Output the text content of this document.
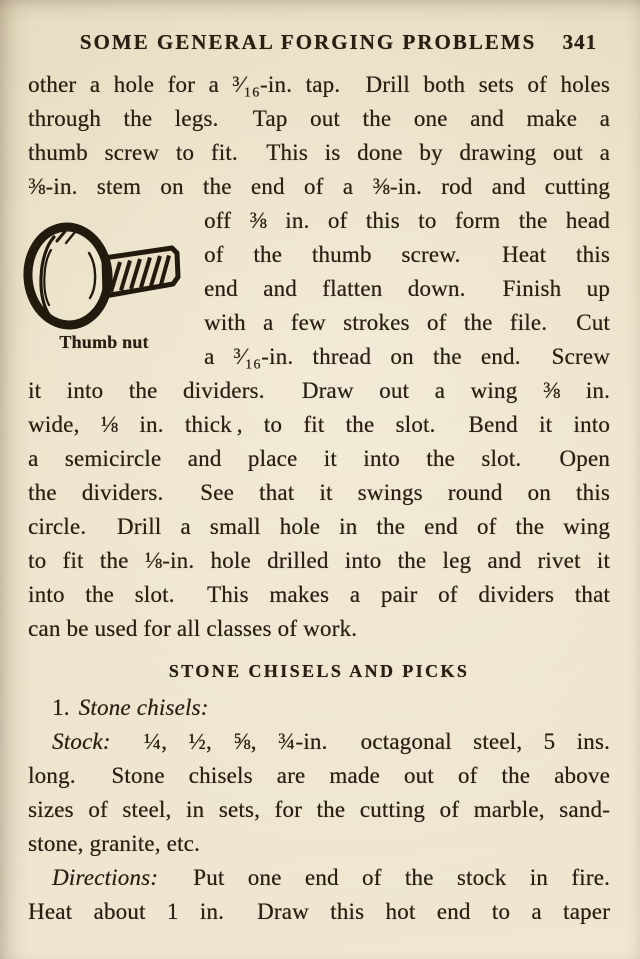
SOME GENERAL FORGING PROBLEMS	341
other a hole for a ³⁄₁₆-in. tap.  Drill both sets of holes
through the legs.  Tap out the one and make a
thumb screw to fit.  This is done by drawing out a
⅜-in. stem on the end of a ⅜-in. rod and cutting
off ⅜ in. of this to form the head
of the thumb screw.  Heat this
end and flatten down.  Finish up
with a few strokes of the file.  Cut
a ³⁄₁₆-in. thread on the end.  Screw
it into the dividers.  Draw out a wing ⅜ in.
wide, ⅛ in. thick , to fit the slot.  Bend it into
a semicircle and place it into the slot.  Open
the dividers.  See that it swings round on this
circle.  Drill a small hole in the end of the wing
to fit the ⅛-in. hole drilled into the leg and rivet it
into the slot.  This makes a pair of dividers that
can be used for all classes of work.
Thumb nut
STONE CHISELS AND PICKS
1. Stone chisels:
Stock:  ¼, ½, ⅝, ¾-in.  octagonal steel, 5 ins.
long.  Stone chisels are made out of the above
sizes of steel, in sets, for the cutting of marble, sand-
stone, granite, etc.
Directions:  Put one end of the stock in fire.
Heat about 1 in.  Draw this hot end to a taper
